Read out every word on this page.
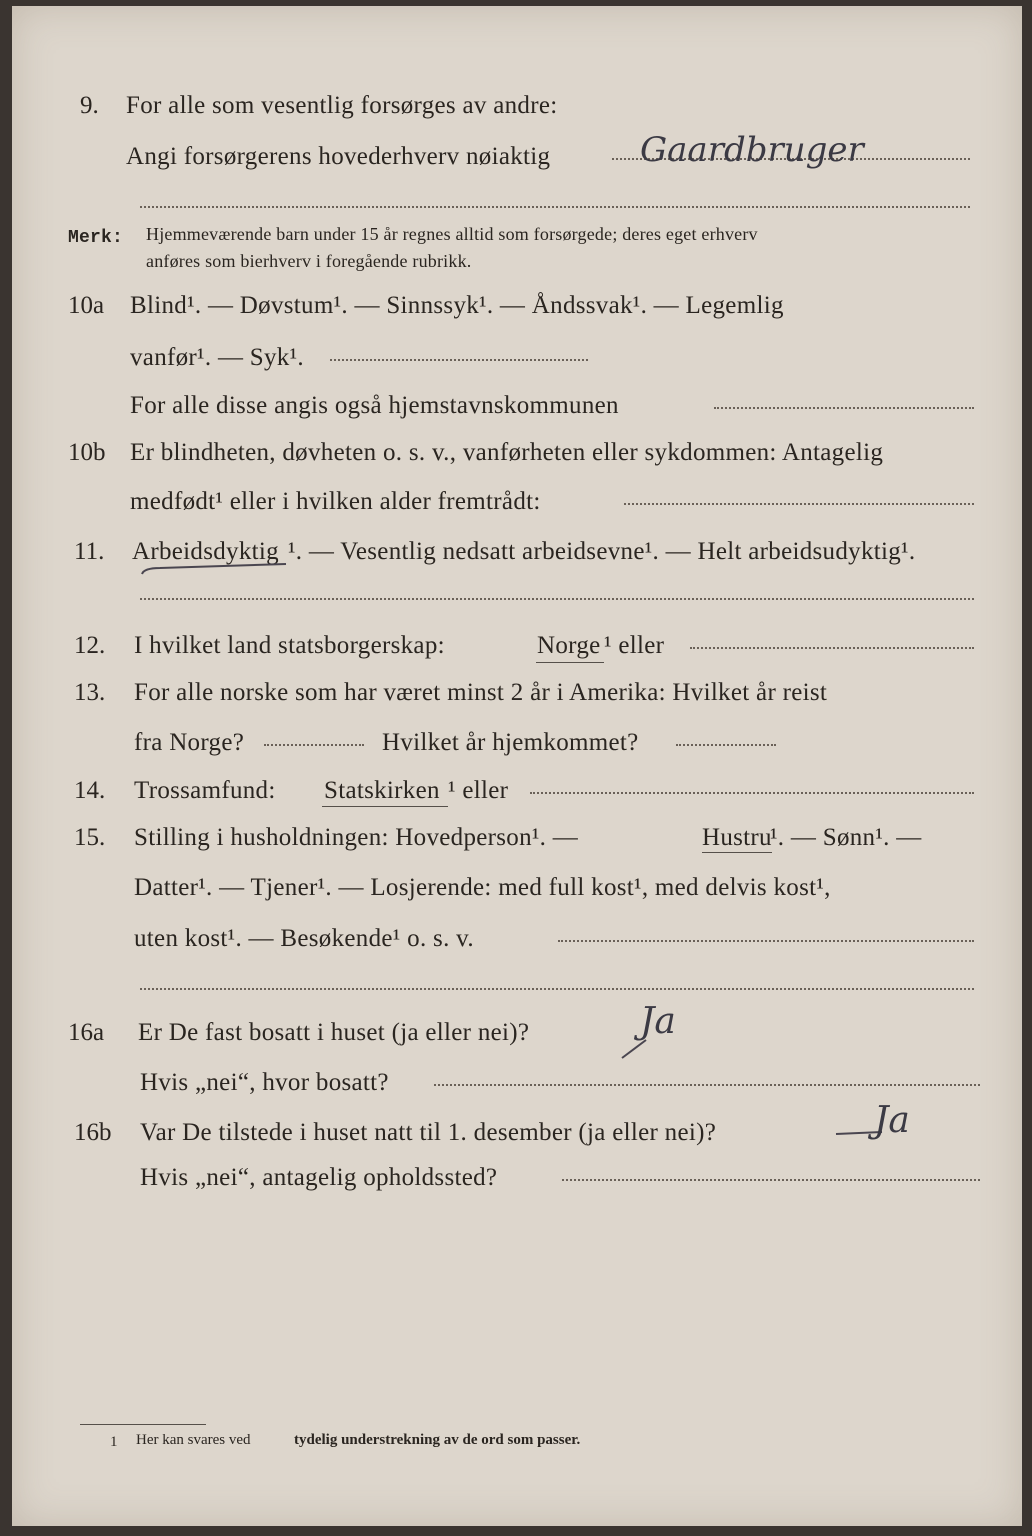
9. For alle som vesentlig forsørges av andre:
Angi forsørgerens hovederhverv nøiaktig	Gaardbruger
Merk: Hjemmeværende barn under 15 år regnes alltid som forsørgede; deres eget erhverv
anføres som bierhverv i foregående rubrikk.
10a Blind¹. — Døvstum¹. — Sinnssyk¹. — Åndssvak¹. — Legemlig
vanfør¹. — Syk¹.
For alle disse angis også hjemstavnskommunen
10b Er blindheten, døvheten o. s. v., vanførheten eller sykdommen: Antagelig
medfødt¹ eller i hvilken alder fremtrådt:
11. Arbeidsdyktig ¹. — Vesentlig nedsatt arbeidsevne¹. — Helt arbeidsudyktig¹.
12. I hvilket land statsborgerskap:	Norge ¹ eller
13. For alle norske som har været minst 2 år i Amerika: Hvilket år reist
fra Norge?	Hvilket år hjemkommet?
14. Trossamfund: Statskirken ¹ eller
15. Stilling i husholdningen: Hovedperson¹. —	Hustru
¹. — Sønn¹. —
Datter¹. — Tjener¹. — Losjerende: med full kost¹, med delvis kost¹,
uten kost¹. — Besøkende¹ o. s. v.
16a Er De fast bosatt i huset (ja eller nei)?	Ja
Hvis „nei“, hvor bosatt?
16b Var De tilstede i huset natt til 1. desember (ja eller nei)?	Ja
Hvis „nei“, antagelig opholdssted?
1 Her kan svares ved	tydelig understrekning av de ord som passer.
